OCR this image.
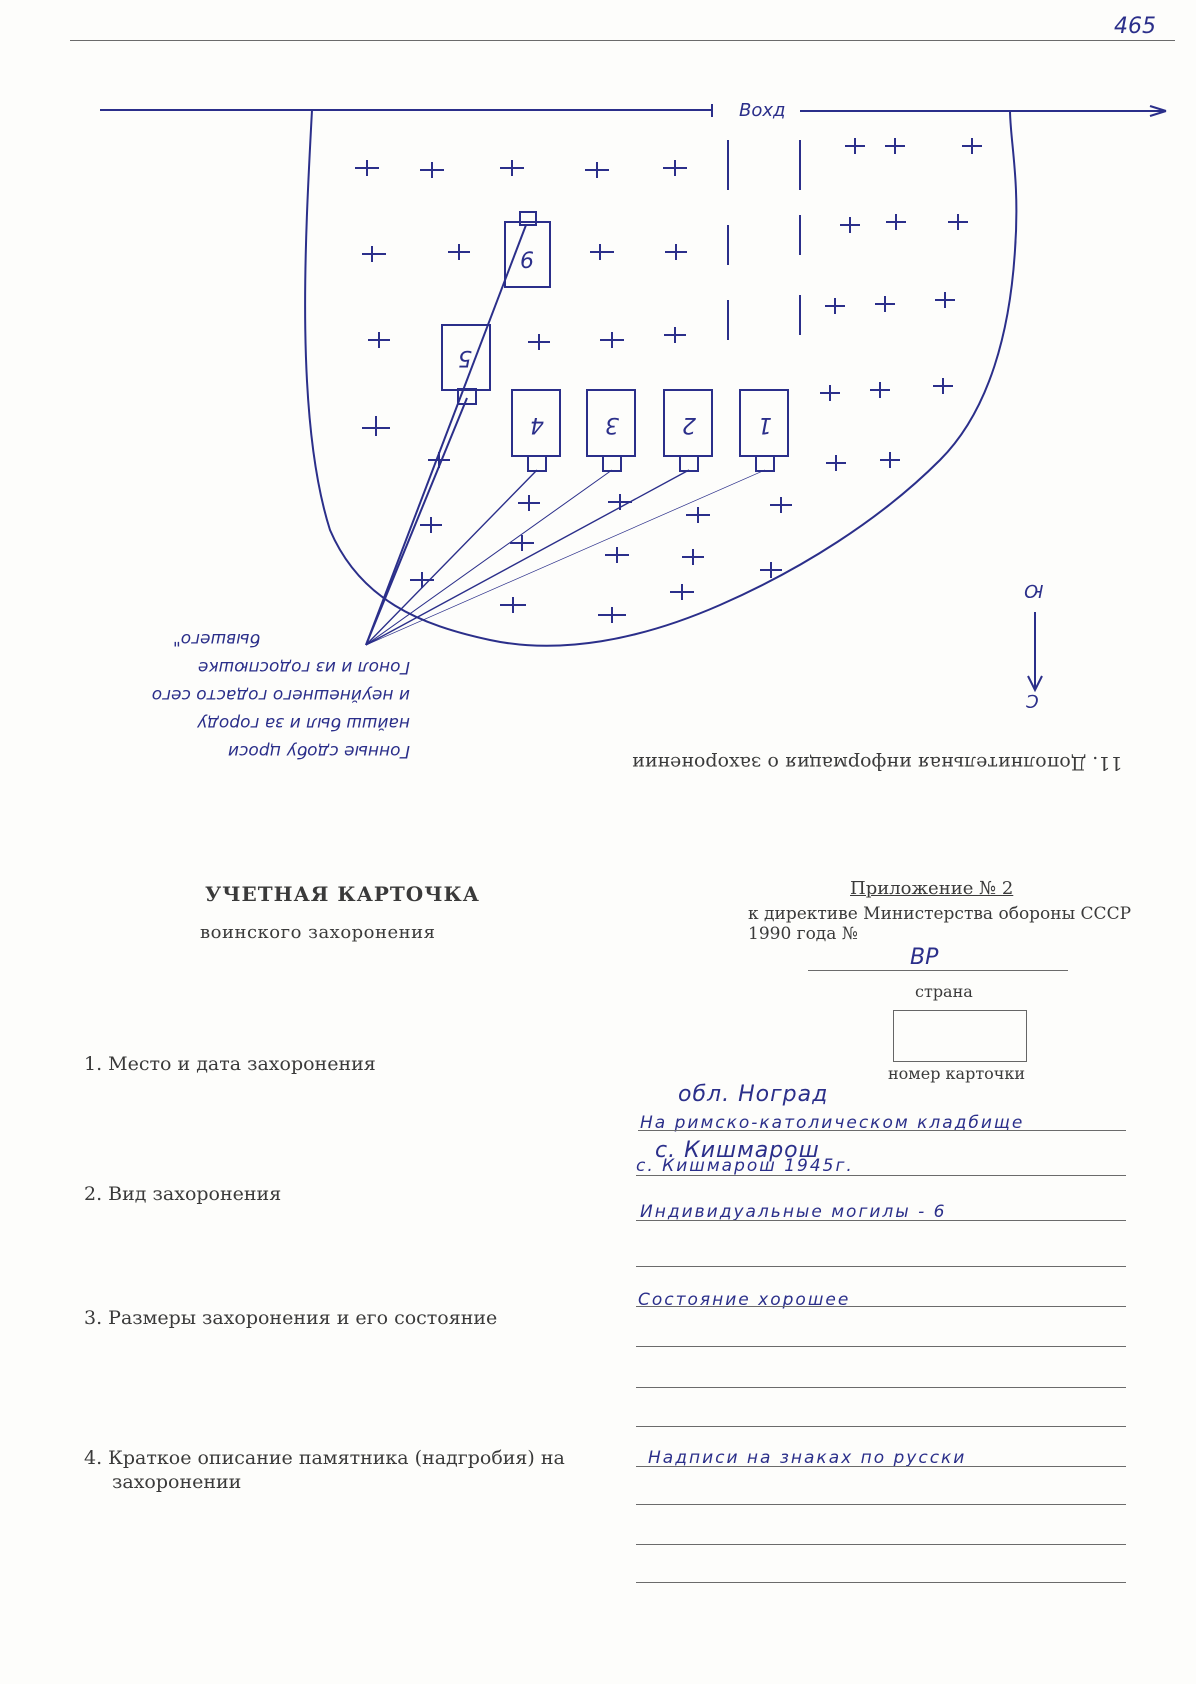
465
6
5
4	3	2	1
Вохд
Гонные сдобу цроси
найшш был и за городу
и неуйнешнего годасто сего
Гонол и из годоспюшке
бывшего"
Ю
С
11. Дополнительная информация о захоронении
УЧЕТНАЯ КАРТОЧКА
воинского захоронения
Приложение № 2
к директиве Министерства обороны СССР
1990 года №
ВР
страна
номер карточки
1. Место и дата захоронения
обл. Ноград
На римско-католическом кладбище
с. Кишмарош
с. Кишмарош 1945г.
2. Вид захоронения
Индивидуальные могилы - 6
3. Размеры захоронения и его состояние
Состояние хорошее
4. Краткое описание памятника (надгробия) на
захоронении
Надписи на знаках по русски
